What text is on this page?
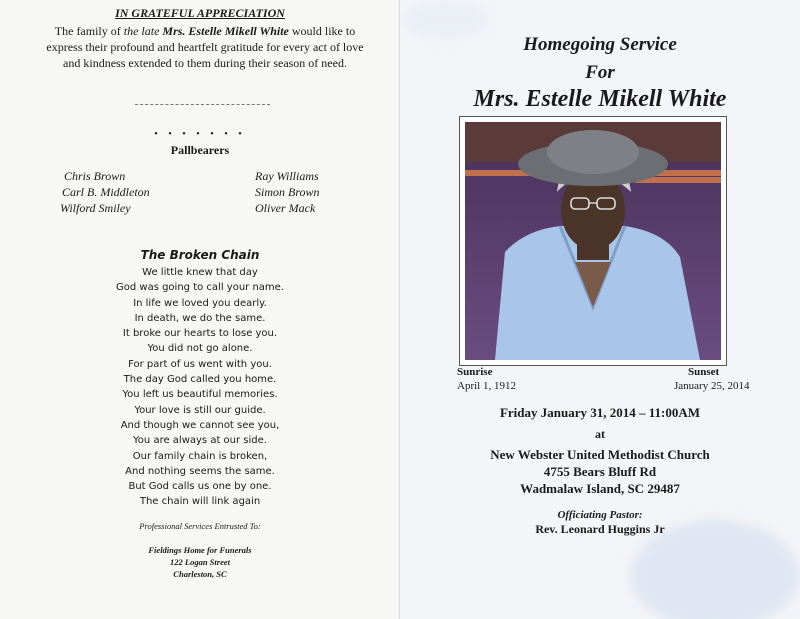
IN GRATEFUL APPRECIATION
The family of the late Mrs. Estelle Mikell White would like to express their profound and heartfelt gratitude for every act of love and kindness extended to them during their season of need.
• • • • • • •
Pallbearers
Chris Brown
Carl B. Middleton
Wilford Smiley
Ray Williams
Simon Brown
Oliver Mack
The Broken Chain
We little knew that day
God was going to call your name.
In life we loved you dearly.
In death, we do the same.
It broke our hearts to lose you.
You did not go alone.
For part of us went with you.
The day God called you home.
You left us beautiful memories.
Your love is still our guide.
And though we cannot see you,
You are always at our side.
Our family chain is broken,
And nothing seems the same.
But God calls us one by one.
The chain will link again
Professional Services Entrusted To:
Fieldings Home for Funerals
122 Logan Street
Charleston, SC
Homegoing Service
For
Mrs. Estelle Mikell White
Friday January 31, 2014 – 11:00AM
at
New Webster United Methodist Church
4755 Bears Bluff Rd
Wadmalaw Island, SC 29487
Officiating Pastor:
Rev. Leonard Huggins Jr
Sunrise
April 1, 1912
Sunset
January 25, 2014
